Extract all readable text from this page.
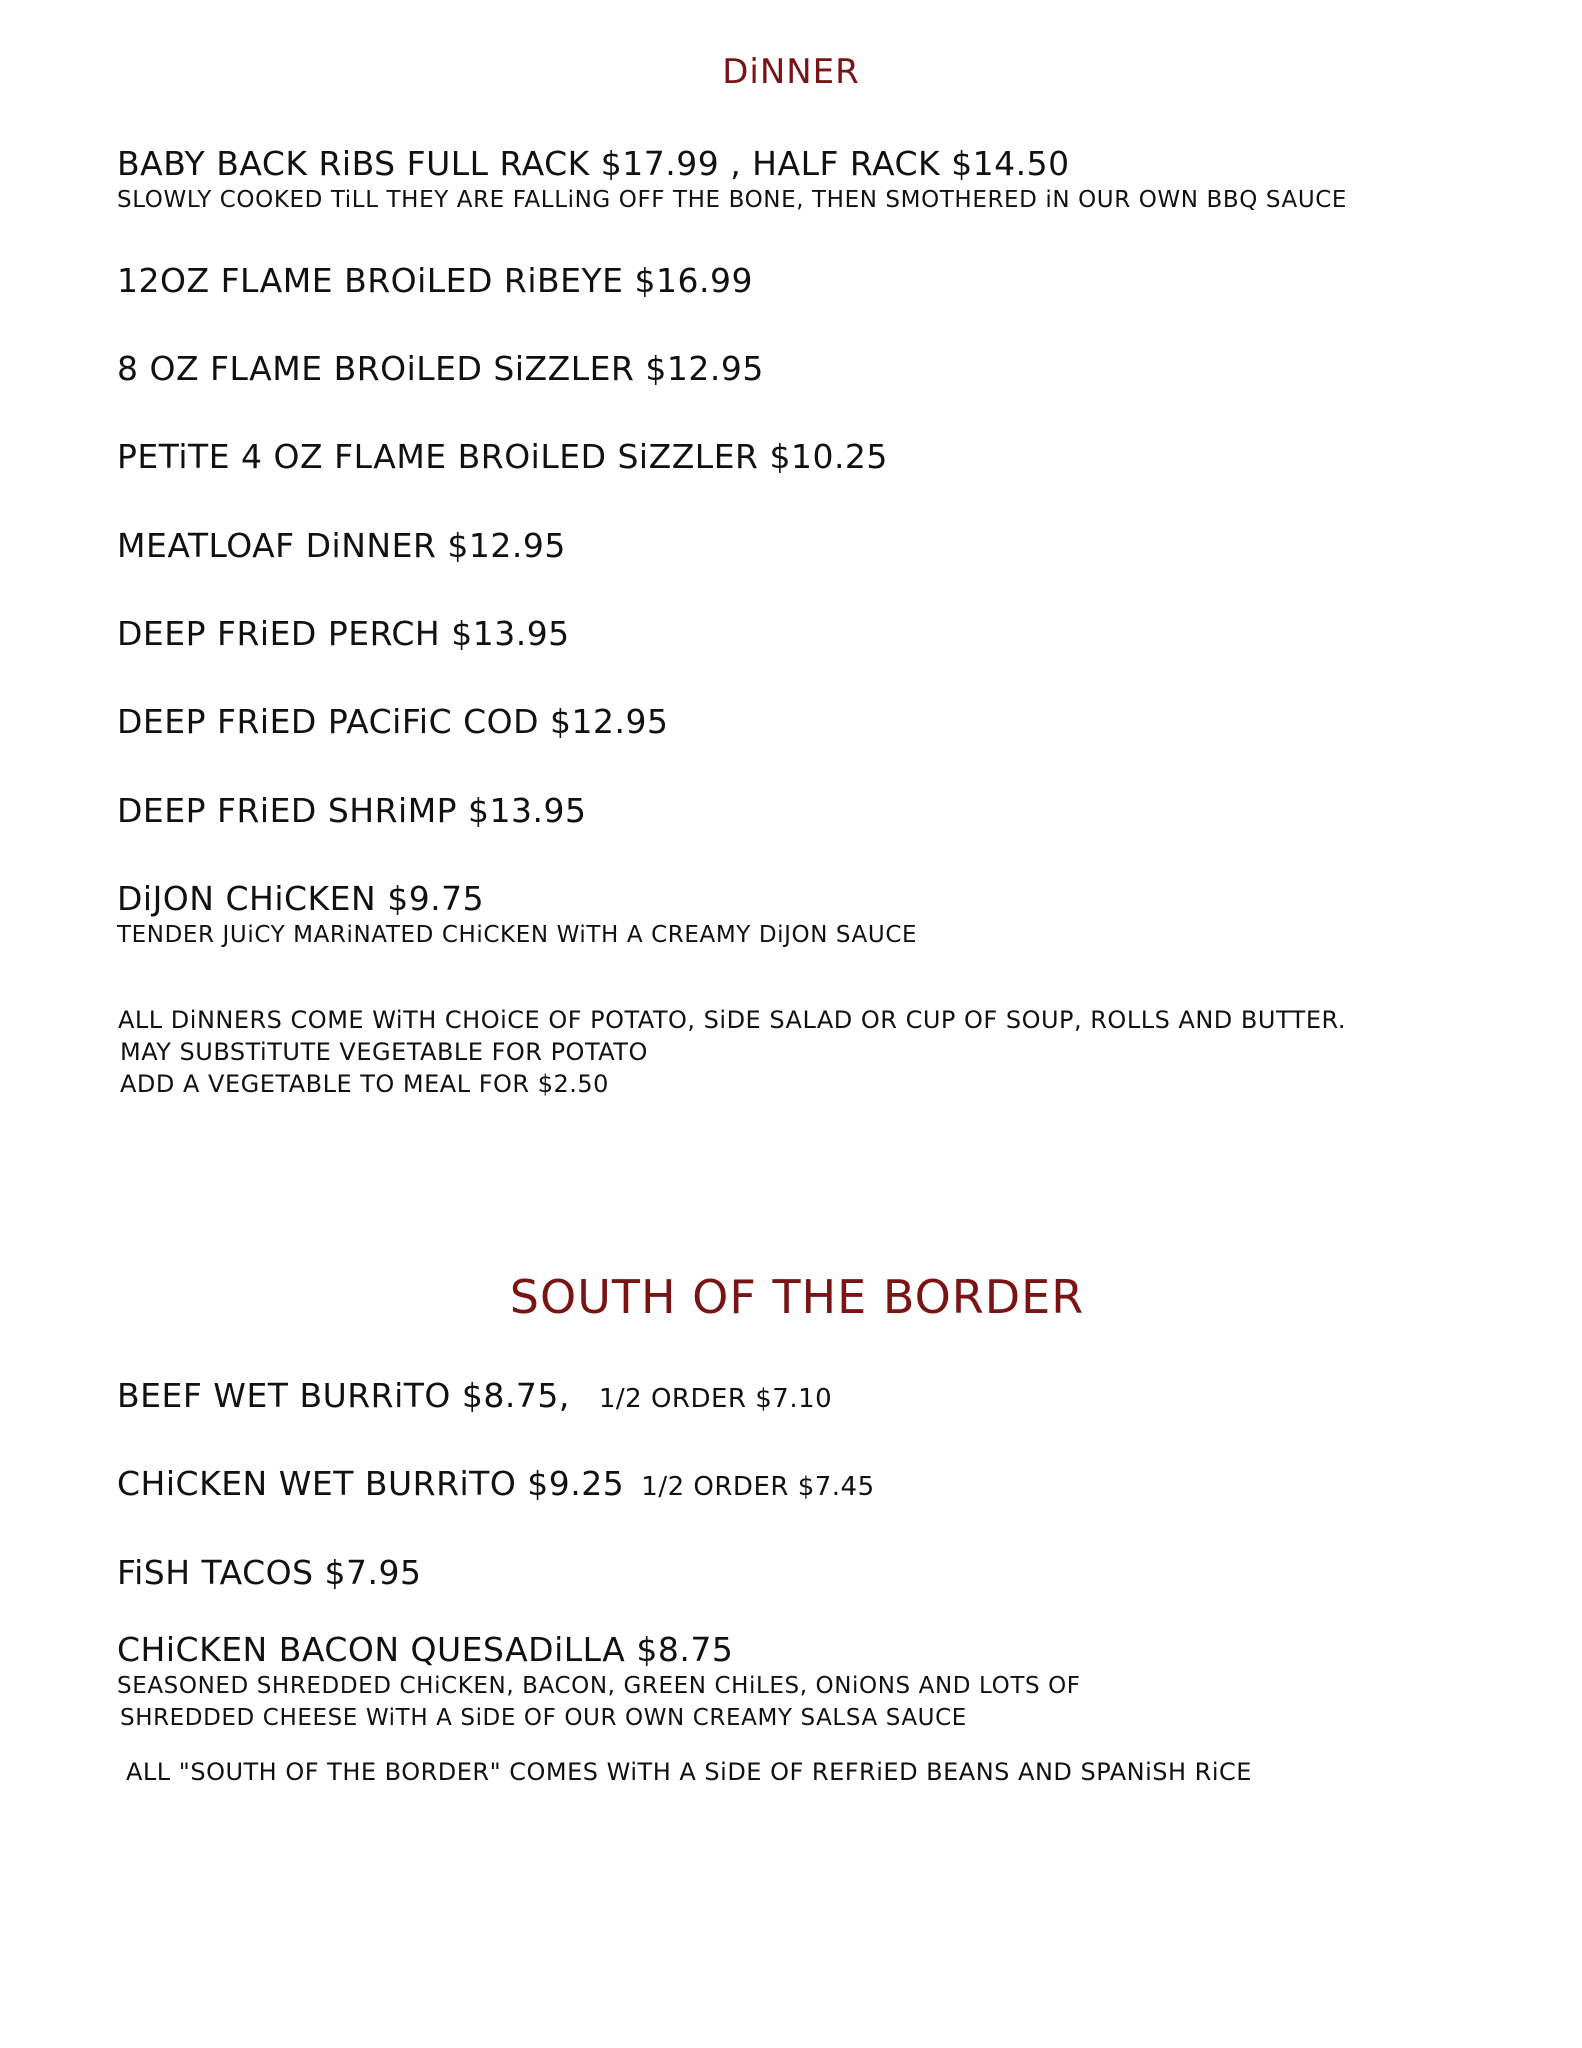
DiNNER
BABY BACK RiBS FULL RACK $17.99 , HALF RACK $14.50
SLOWLY COOKED TiLL THEY ARE FALLiNG OFF THE BONE, THEN SMOTHERED iN OUR OWN BBQ SAUCE
12OZ FLAME BROiLED RiBEYE $16.99
8 OZ FLAME BROiLED SiZZLER $12.95
PETiTE 4 OZ FLAME BROiLED SiZZLER $10.25
MEATLOAF DiNNER $12.95
DEEP FRiED PERCH $13.95
DEEP FRiED PACiFiC COD $12.95
DEEP FRiED SHRiMP $13.95
DiJON CHiCKEN $9.75
TENDER JUiCY MARiNATED CHiCKEN WiTH A CREAMY DiJON SAUCE
ALL DiNNERS COME WiTH CHOiCE OF POTATO, SiDE SALAD OR CUP OF SOUP, ROLLS AND BUTTER.
MAY SUBSTiTUTE VEGETABLE FOR POTATO
ADD A VEGETABLE TO MEAL FOR $2.50
SOUTH OF THE BORDER
BEEF WET BURRiTO $8.75, 1/2 ORDER $7.10
CHiCKEN WET BURRiTO $9.25 1/2 ORDER $7.45
FiSH TACOS $7.95
CHiCKEN BACON QUESADiLLA $8.75
SEASONED SHREDDED CHiCKEN, BACON, GREEN CHiLES, ONiONS AND LOTS OF
SHREDDED CHEESE WiTH A SiDE OF OUR OWN CREAMY SALSA SAUCE
ALL "SOUTH OF THE BORDER" COMES WiTH A SiDE OF REFRiED BEANS AND SPANiSH RiCE
